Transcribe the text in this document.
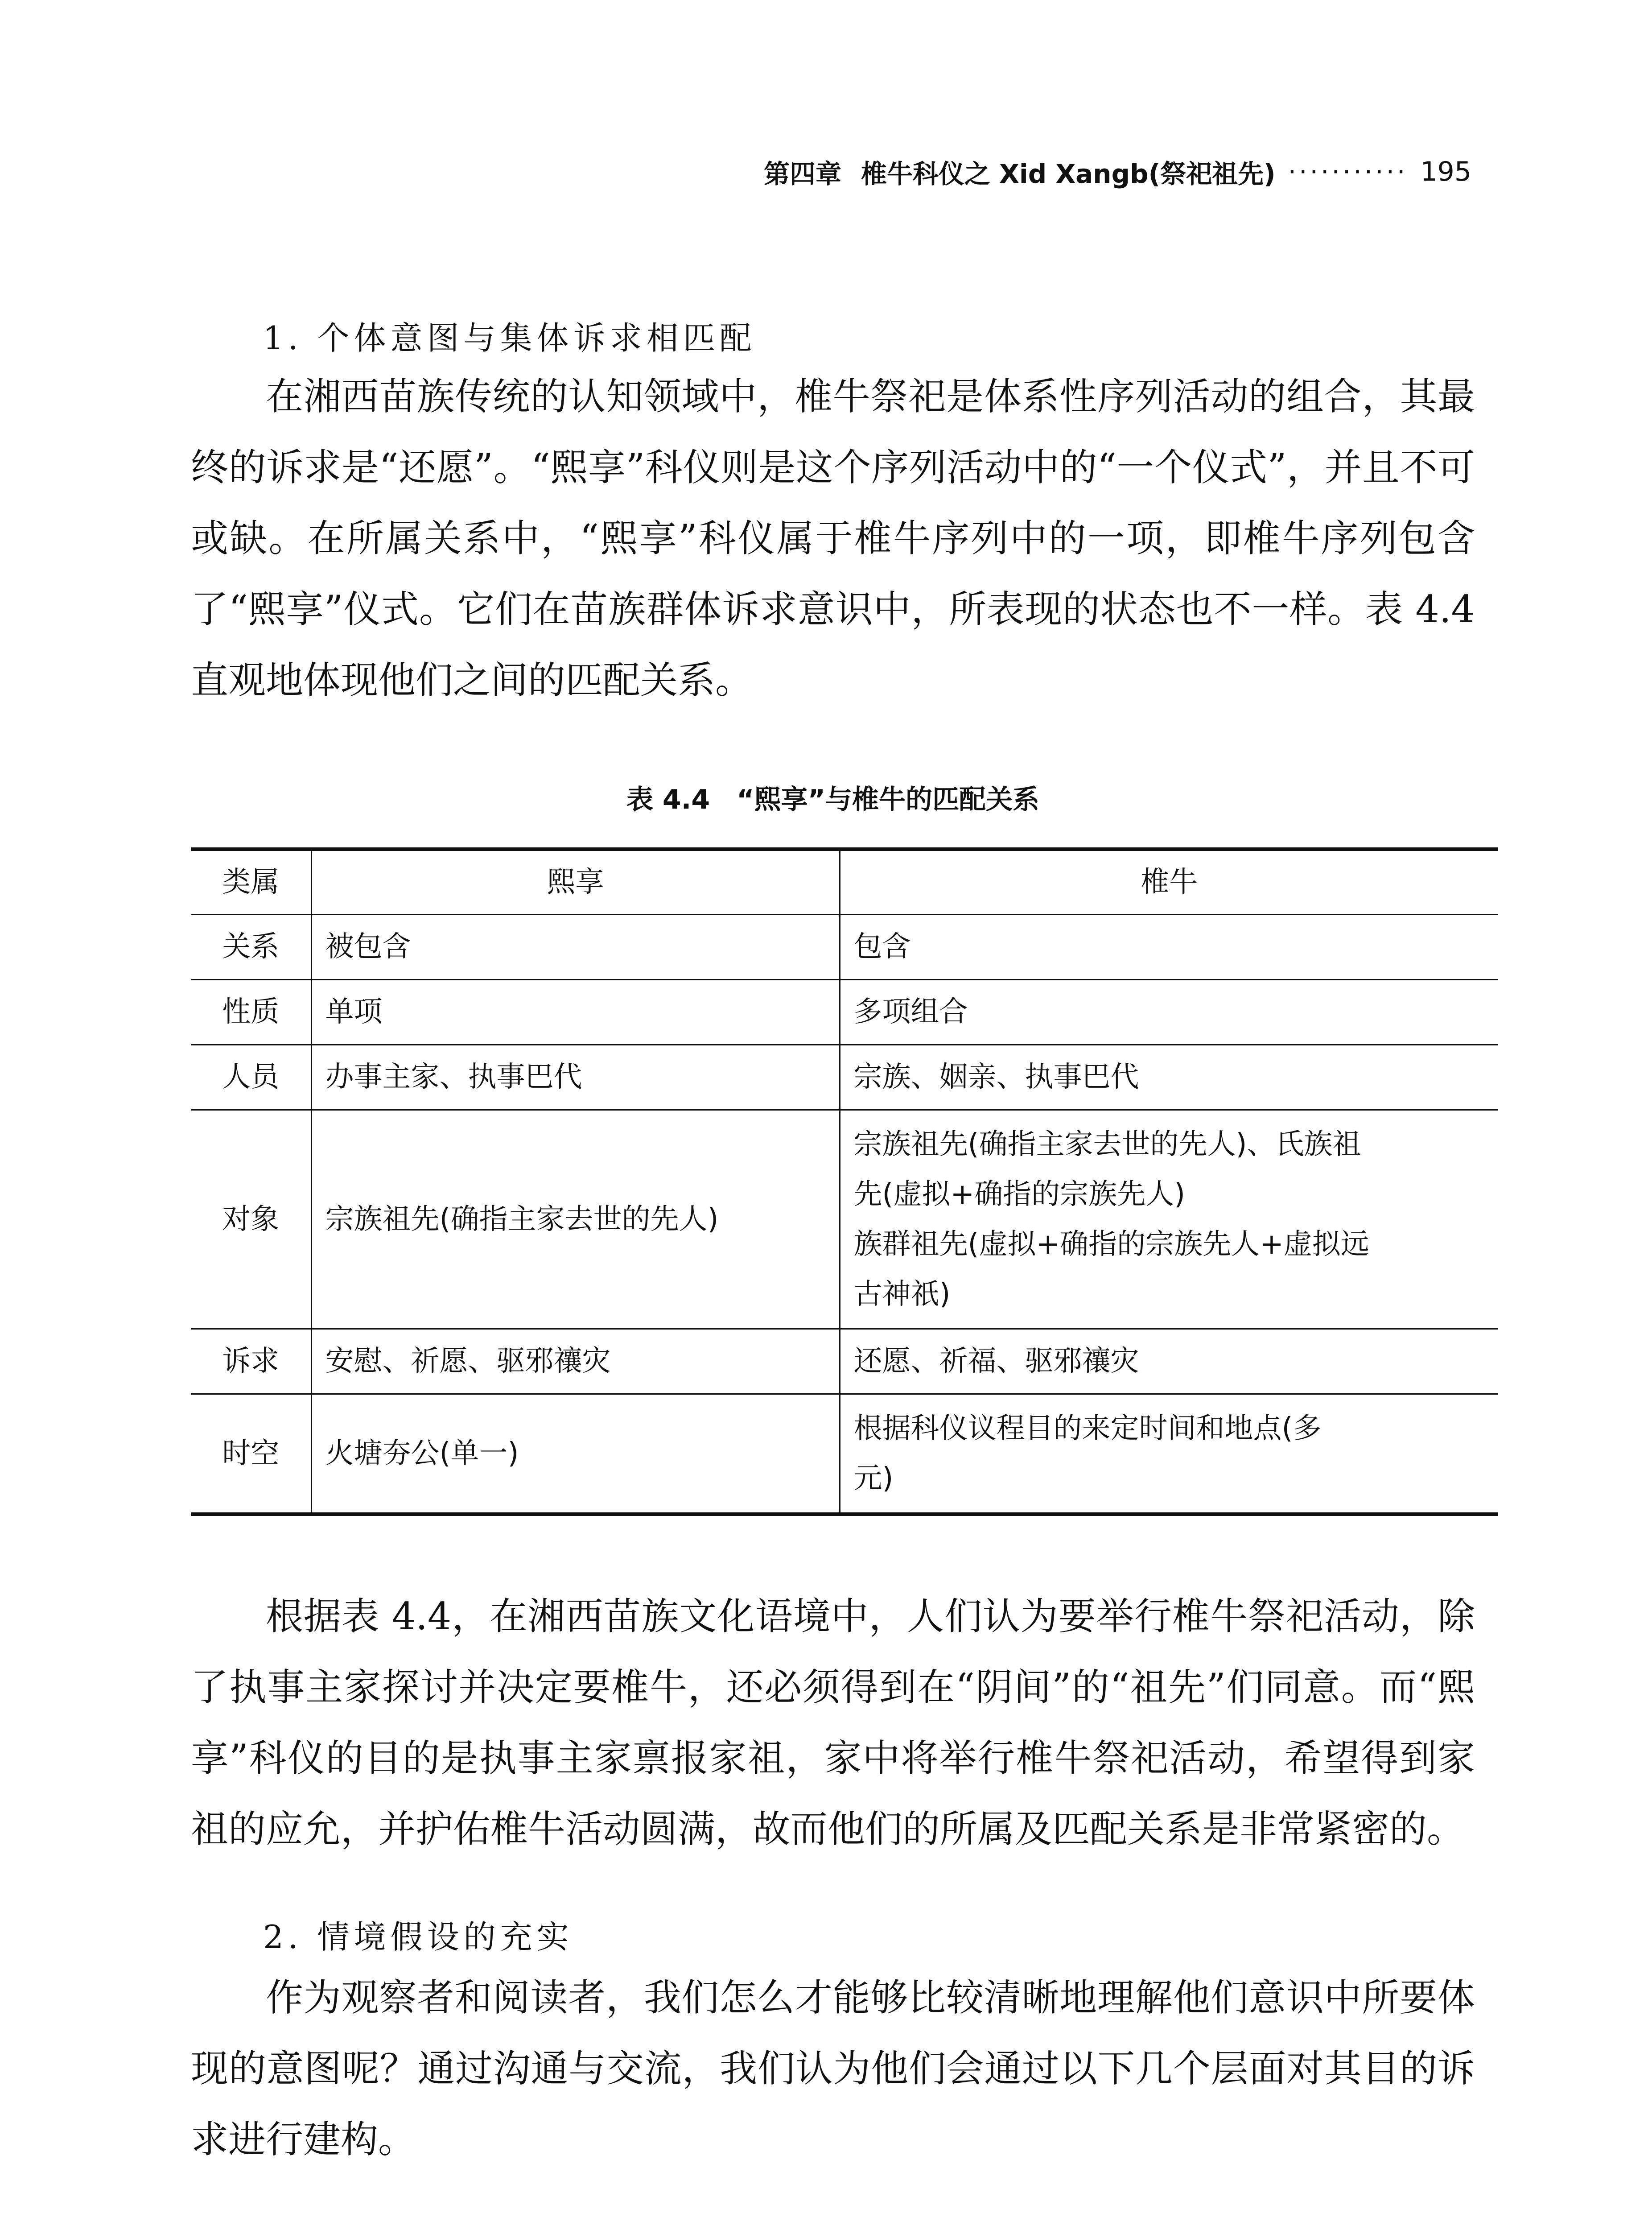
第四章 椎牛科仪之 Xid Xangb(祭祀祖先) ··········· 195
1. 个体意图与集体诉求相匹配

在湘西苗族传统的认知领域中，椎牛祭祀是体系性序列活动的组合，其最终的诉求是“还愿”。“熙享”科仪则是这个序列活动中的“一个仪式”，并且不可或缺。在所属关系中，“熙享”科仪属于椎牛序列中的一项，即椎牛序列包含了“熙享”仪式。它们在苗族群体诉求意识中，所表现的状态也不一样。表 4.4 直观地体现他们之间的匹配关系。

表 4.4　“熙享”与椎牛的匹配关系
类属	熙享	椎牛
关系	被包含	包含

性质	单项	多项组合

人员	办事主家、执事巴代	宗族、姻亲、执事巴代

对象	宗族祖先(确指主家去世的先人)	宗族祖先(确指主家去世的先人)、氏族祖
先(虚拟+确指的宗族先人)
族群祖先(虚拟+确指的宗族先人+虚拟远
古神祇)

诉求	安慰、祈愿、驱邪禳灾	还愿、祈福、驱邪禳灾

时空	火塘夯公(单一)	根据科仪议程目的来定时间和地点(多
元)

根据表 4.4，在湘西苗族文化语境中，人们认为要举行椎牛祭祀活动，除了执事主家探讨并决定要椎牛，还必须得到在“阴间”的“祖先”们同意。而“熙享”科仪的目的是执事主家禀报家祖，家中将举行椎牛祭祀活动，希望得到家祖的应允，并护佑椎牛活动圆满，故而他们的所属及匹配关系是非常紧密的。

2. 情境假设的充实

作为观察者和阅读者，我们怎么才能够比较清晰地理解他们意识中所要体现的意图呢？通过沟通与交流，我们认为他们会通过以下几个层面对其目的诉求进行建构。
